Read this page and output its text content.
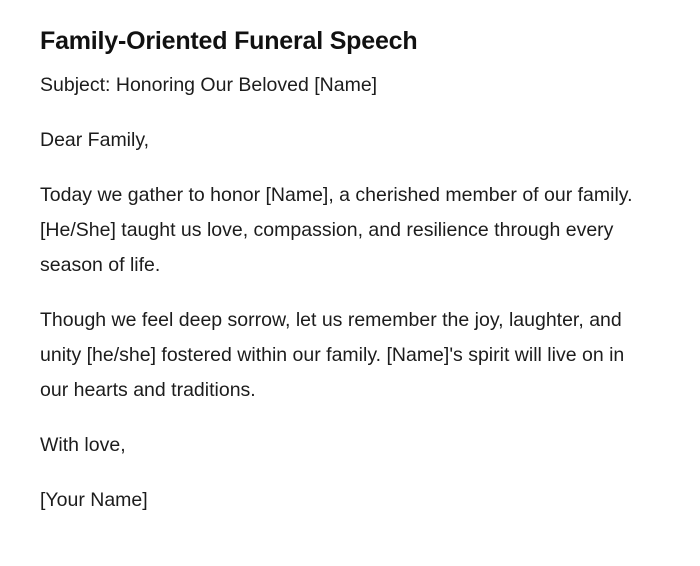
Family-Oriented Funeral Speech

Subject: Honoring Our Beloved [Name]

Dear Family,

Today we gather to honor [Name], a cherished member of our family. [He/She] taught us love, compassion, and resilience through every season of life.

Though we feel deep sorrow, let us remember the joy, laughter, and unity [he/she] fostered within our family. [Name]'s spirit will live on in our hearts and traditions.

With love,

[Your Name]
